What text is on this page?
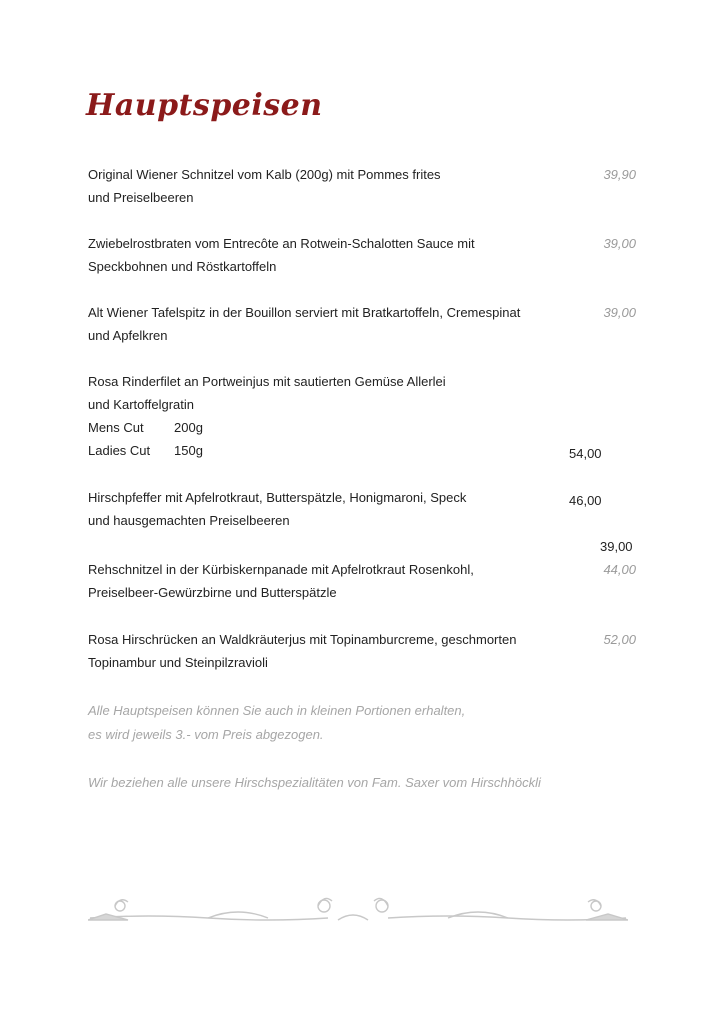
Hauptspeisen
Original Wiener Schnitzel vom Kalb (200g) mit Pommes frites
und Preiselbeeren
39,90
Zwiebelrostbraten vom Entrecôte an Rotwein-Schalotten Sauce mit
Speckbohnen und Röstkartoffeln
39,00
Alt Wiener Tafelspitz in der Bouillon serviert mit Bratkartoffeln, Cremespinat
und Apfelkren
39,00
Rosa Rinderfilet an Portweinjus mit sautierten Gemüse Allerlei
und Kartoffelgratin
Mens Cut 200g
Ladies Cut 150g	54,00
Hirschpfeffer mit Apfelrotkraut, Butterspätzle, Honigmaroni, Speck
und hausgemachten Preiselbeeren
46,00
39,00
Rehschnitzel in der Kürbiskernpanade mit Apfelrotkraut Rosenkohl,
Preiselbeer-Gewürzbirne und Butterspätzle
44,00
Rosa Hirschrücken an Waldkräuterjus mit Topinamburcreme, geschmorten
Topinambur und Steinpilzravioli
52,00
Alle Hauptspeisen können Sie auch in kleinen Portionen erhalten,
es wird jeweils 3.- vom Preis abgezogen.
Wir beziehen alle unsere Hirschspezialitäten von Fam. Saxer vom Hirschhöckli
